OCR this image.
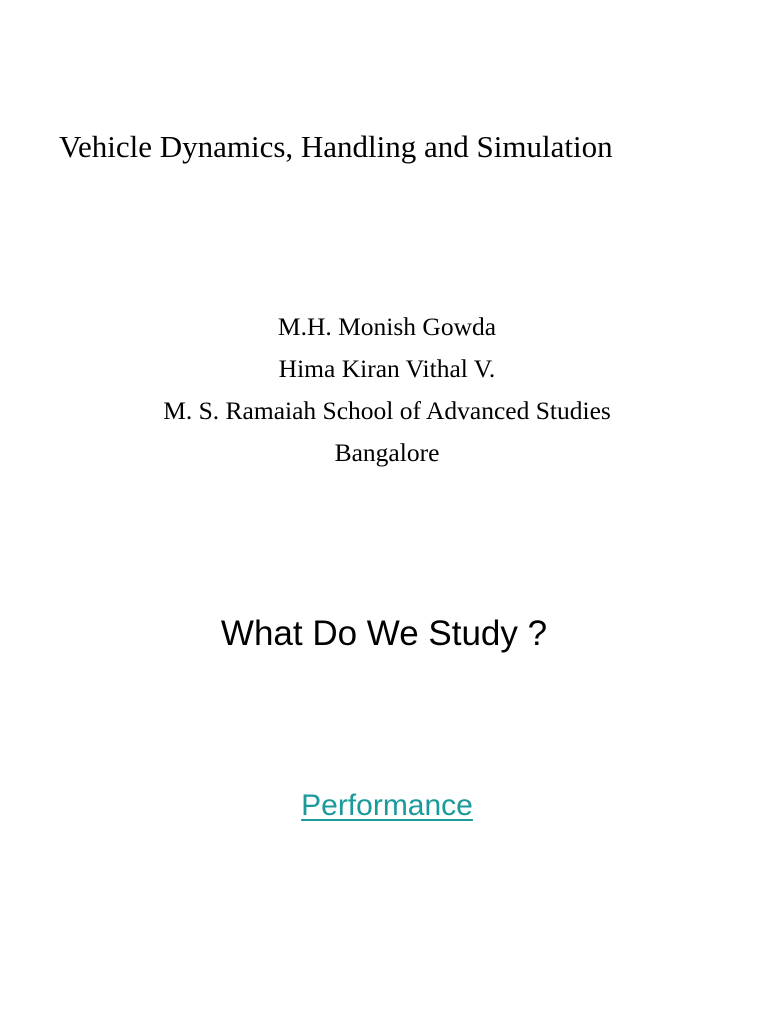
Vehicle Dynamics, Handling and Simulation
M.H. Monish Gowda
Hima Kiran Vithal V.
M. S. Ramaiah School of Advanced Studies
Bangalore
What Do We Study ?
Performance
